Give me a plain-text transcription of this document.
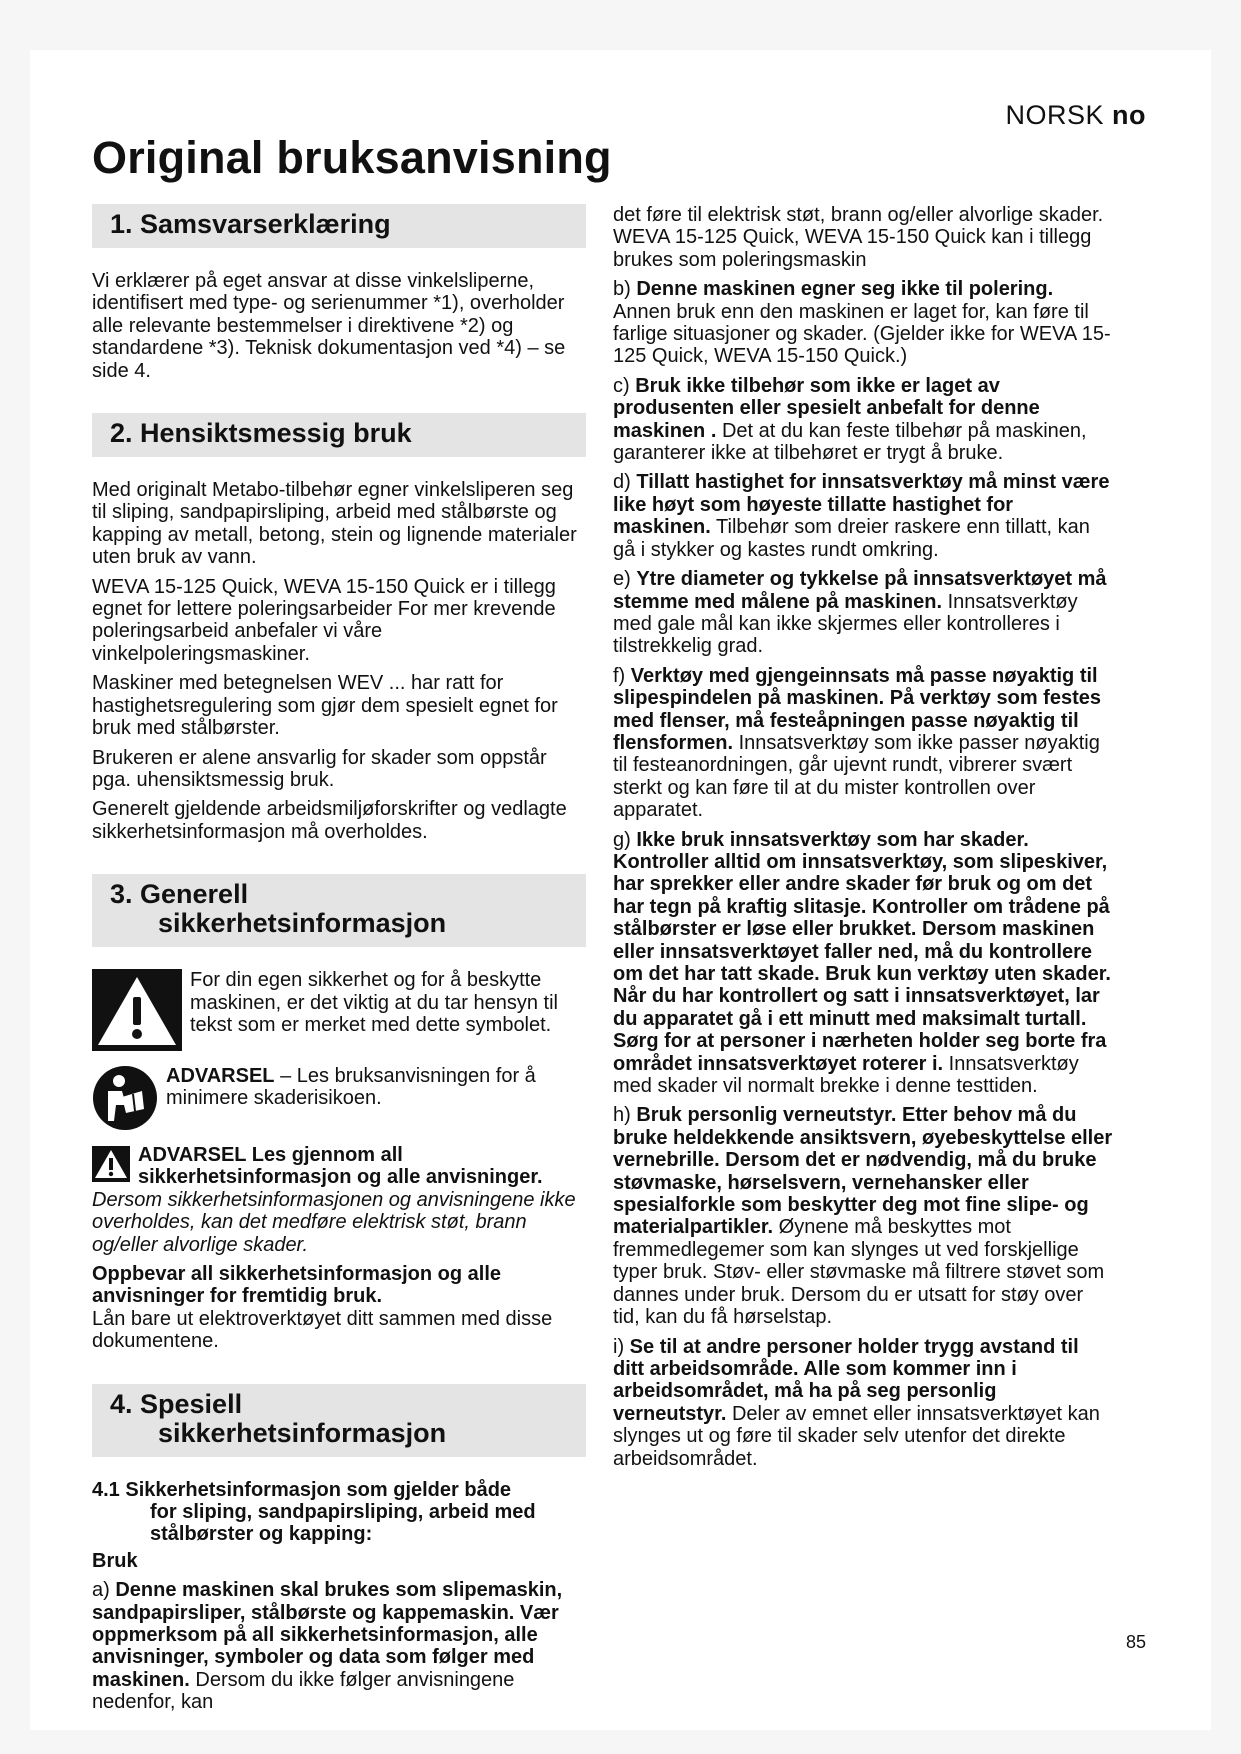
NORSK no
Original bruksanvisning
1. Samsvarserklæring

Vi erklærer på eget ansvar at disse vinkelsliperne, identifisert med type- og serienummer *1), overholder alle relevante bestemmelser i direktivene *2) og standardene *3). Teknisk dokumentasjon ved *4) – se side 4.

2. Hensiktsmessig bruk

Med originalt Metabo-tilbehør egner vinkelsliperen seg til sliping, sandpapirsliping, arbeid med stålbørste og kapping av metall, betong, stein og lignende materialer uten bruk av vann.

WEVA 15-125 Quick, WEVA 15-150 Quick er i tillegg egnet for lettere poleringsarbeider For mer krevende poleringsarbeid anbefaler vi våre vinkelpoleringsmaskiner.

Maskiner med betegnelsen WEV ... har ratt for hastighetsregulering som gjør dem spesielt egnet for bruk med stålbørster.

Brukeren er alene ansvarlig for skader som oppstår pga. uhensiktsmessig bruk.

Generelt gjeldende arbeidsmiljøforskrifter og vedlagte sikkerhetsinformasjon må overholdes.

3. Generell
sikkerhetsinformasjon
For din egen sikkerhet og for å beskytte maskinen, er det viktig at du tar hensyn til tekst som er merket med dette symbolet.
ADVARSEL – Les bruksanvisningen for å minimere skaderisikoen.

ADVARSEL Les gjennom all sikkerhetsinformasjon og alle anvisninger. Dersom sikkerhetsinformasjonen og anvisningene ikke overholdes, kan det medføre elektrisk støt, brann og/eller alvorlige skader.

Oppbevar all sikkerhetsinformasjon og alle anvisninger for fremtidig bruk.
Lån bare ut elektroverktøyet ditt sammen med disse dokumentene.

4. Spesiell
sikkerhetsinformasjon
4.1 Sikkerhetsinformasjon som gjelder både
for sliping, sandpapirsliping, arbeid med stålbørster og kapping:

Bruk

a) Denne maskinen skal brukes som slipemaskin, sandpapirsliper, stålbørste og kappemaskin. Vær oppmerksom på all sikkerhetsinformasjon, alle anvisninger, symboler og data som følger med maskinen. Dersom du ikke følger anvisningene nedenfor, kan

det føre til elektrisk støt, brann og/eller alvorlige skader. WEVA 15-125 Quick, WEVA 15-150 Quick kan i tillegg brukes som poleringsmaskin

b) Denne maskinen egner seg ikke til polering. Annen bruk enn den maskinen er laget for, kan føre til farlige situasjoner og skader. (Gjelder ikke for WEVA 15-125 Quick, WEVA 15-150 Quick.)

c) Bruk ikke tilbehør som ikke er laget av produsenten eller spesielt anbefalt for denne maskinen . Det at du kan feste tilbehør på maskinen, garanterer ikke at tilbehøret er trygt å bruke.

d) Tillatt hastighet for innsatsverktøy må minst være like høyt som høyeste tillatte hastighet for maskinen. Tilbehør som dreier raskere enn tillatt, kan gå i stykker og kastes rundt omkring.

e) Ytre diameter og tykkelse på innsatsverktøyet må stemme med målene på maskinen. Innsatsverktøy med gale mål kan ikke skjermes eller kontrolleres i tilstrekkelig grad.

f) Verktøy med gjengeinnsats må passe nøyaktig til slipespindelen på maskinen. På verktøy som festes med flenser, må festeåpningen passe nøyaktig til flensformen. Innsatsverktøy som ikke passer nøyaktig til festeanordningen, går ujevnt rundt, vibrerer svært sterkt og kan føre til at du mister kontrollen over apparatet.

g) Ikke bruk innsatsverktøy som har skader. Kontroller alltid om innsatsverktøy, som slipeskiver, har sprekker eller andre skader før bruk og om det har tegn på kraftig slitasje. Kontroller om trådene på stålbørster er løse eller brukket. Dersom maskinen eller innsatsverktøyet faller ned, må du kontrollere om det har tatt skade. Bruk kun verktøy uten skader. Når du har kontrollert og satt i innsatsverktøyet, lar du apparatet gå i ett minutt med maksimalt turtall. Sørg for at personer i nærheten holder seg borte fra området innsatsverktøyet roterer i. Innsatsverktøy med skader vil normalt brekke i denne testtiden.

h) Bruk personlig verneutstyr. Etter behov må du bruke heldekkende ansiktsvern, øyebeskyttelse eller vernebrille. Dersom det er nødvendig, må du bruke støvmaske, hørselsvern, vernehansker eller spesialforkle som beskytter deg mot fine slipe- og materialpartikler. Øynene må beskyttes mot fremmedlegemer som kan slynges ut ved forskjellige typer bruk. Støv- eller støvmaske må filtrere støvet som dannes under bruk. Dersom du er utsatt for støy over tid, kan du få hørselstap.

i) Se til at andre personer holder trygg avstand til ditt arbeidsområde. Alle som kommer inn i arbeidsområdet, må ha på seg personlig verneutstyr. Deler av emnet eller innsatsverktøyet kan slynges ut og føre til skader selv utenfor det direkte arbeidsområdet.

85
